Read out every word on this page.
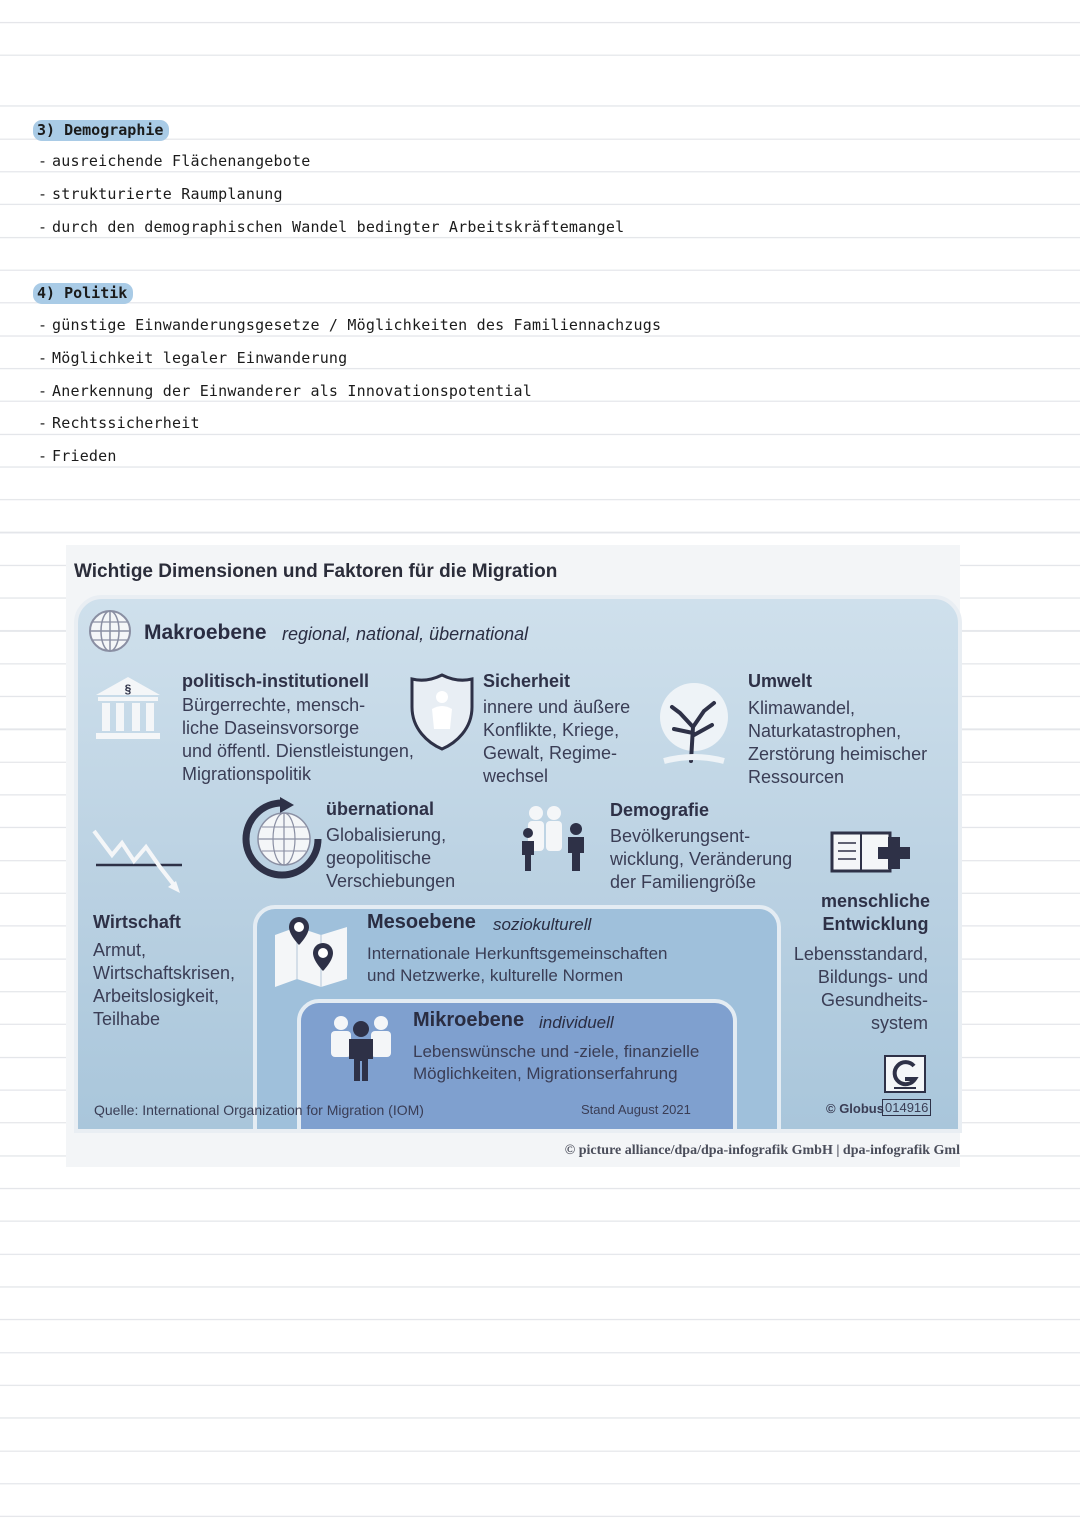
3) Demographie
- ausreichende Flächenangebote
- strukturierte Raumplanung
- durch den demographischen Wandel bedingter Arbeitskräftemangel
4) Politik
- günstige Einwanderungsgesetze / Möglichkeiten des Familiennachzugs
- Möglichkeit legaler Einwanderung
- Anerkennung der Einwanderer als Innovationspotential
- Rechtssicherheit
- Frieden
Wichtige Dimensionen und Faktoren für die Migration
Makroebene regional, national, übernational
§	politisch-institutionell
Bürgerrechte, mensch-
liche Daseinsvorsorge
und öffentl. Dienstleistungen,
Migrationspolitik
Sicherheit
innere und äußere
Konflikte, Kriege,
Gewalt, Regime-
wechsel
Umwelt
Klimawandel,
Naturkatastrophen,
Zerstörung heimischer
Ressourcen
übernational
Globalisierung,
geopolitische
Verschiebungen
Demografie
Bevölkerungsent-
wicklung, Veränderung
der Familiengröße
menschliche
Entwicklung
Lebensstandard,
Bildungs- und
Gesundheits-
system
Wirtschaft
Armut,
Wirtschaftskrisen,
Arbeitslosigkeit,
Teilhabe
Mesoebene soziokulturell
Internationale Herkunftsgemeinschaften
und Netzwerke, kulturelle Normen
Mikroebene individuell
Lebenswünsche und -ziele, finanzielle
Möglichkeiten, Migrationserfahrung
Stand August 2021
Quelle: International Organization for Migration (IOM)	© Globus 014916
© picture alliance/dpa/dpa-infografik GmbH | dpa-infografik Gml
